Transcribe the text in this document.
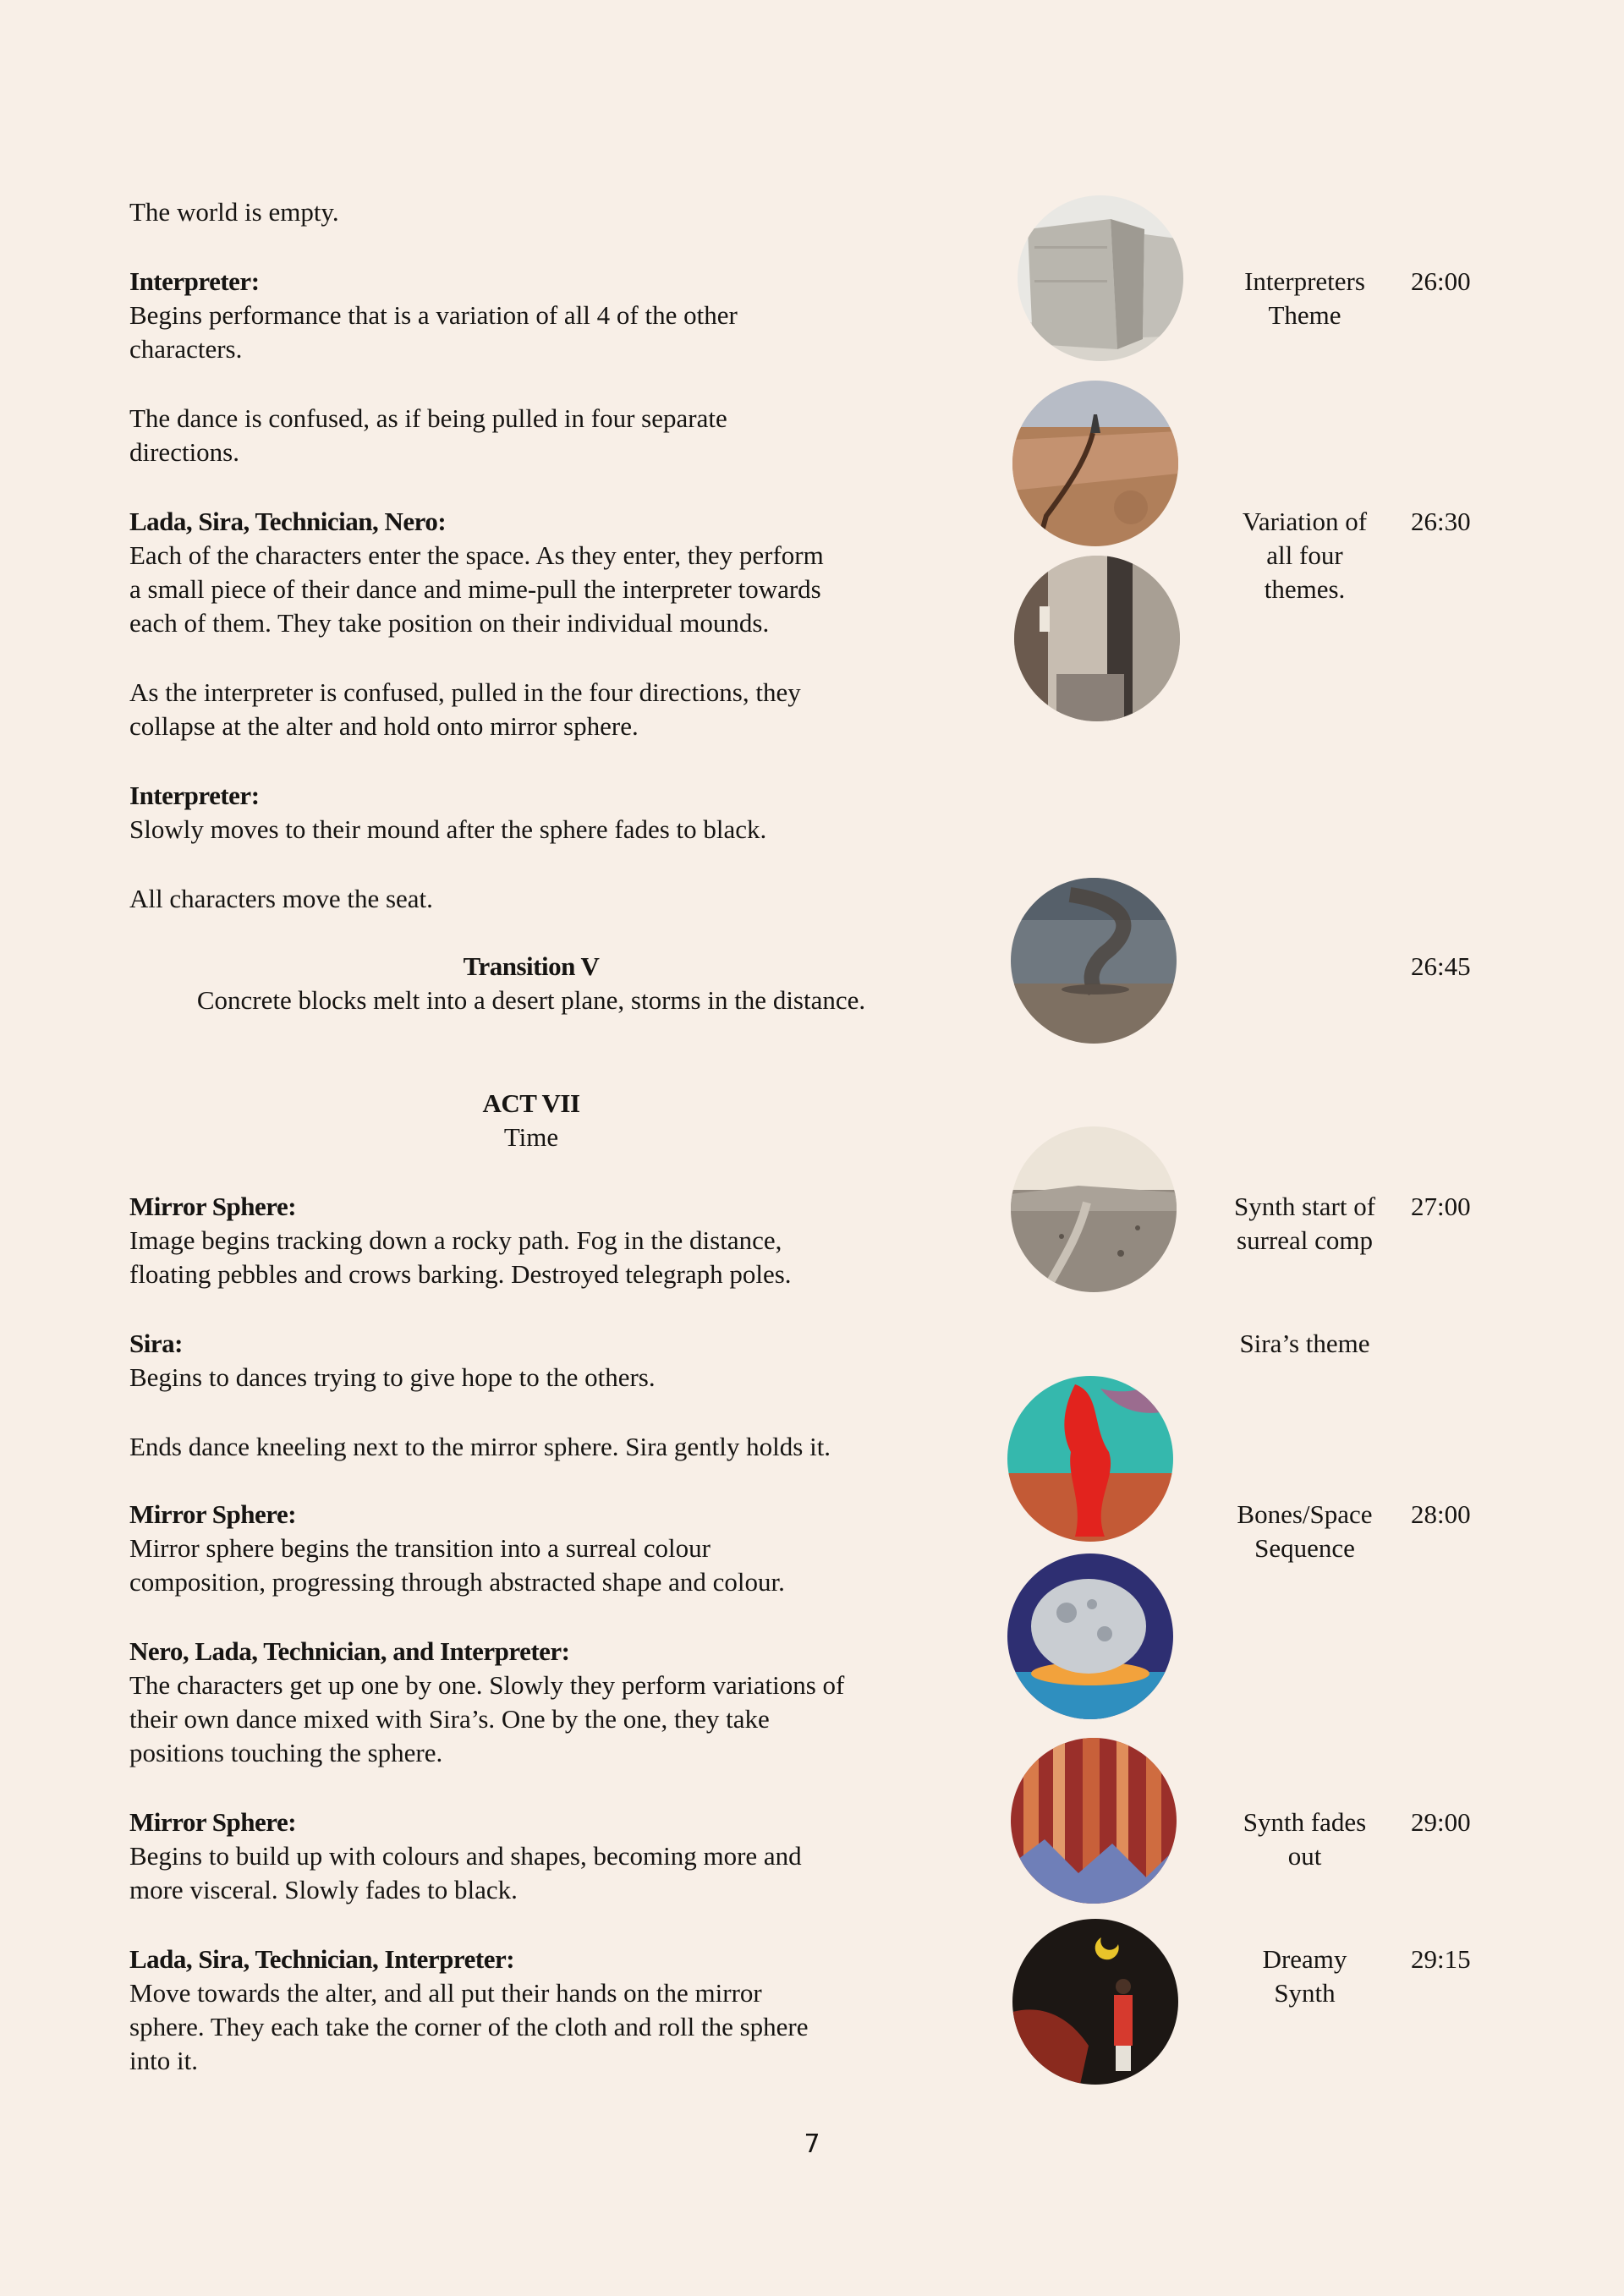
The world is empty.
Interpreter:
Begins performance that is a variation of all 4 of the other
characters.
The dance is confused, as if being pulled in four separate
directions.
Lada, Sira, Technician, Nero:
Each of the characters enter the space. As they enter, they perform
a small piece of their dance and mime-pull the interpreter towards
each of them. They take position on their individual mounds.
As the interpreter is confused, pulled in the four directions, they
collapse at the alter and hold onto mirror sphere.
Interpreter:
Slowly moves to their mound after the sphere fades to black.
All characters move the seat.
Transition V
Concrete blocks melt into a desert plane, storms in the distance.
ACT VII
Time
Mirror Sphere:
Image begins tracking down a rocky path. Fog in the distance,
floating pebbles and crows barking. Destroyed telegraph poles.
Sira:
Begins to dances trying to give hope to the others.
Ends dance kneeling next to the mirror sphere. Sira gently holds it.
Mirror Sphere:
Mirror sphere begins the transition into a surreal colour
composition, progressing through abstracted shape and colour.
Nero, Lada, Technician, and Interpreter:
The characters get up one by one. Slowly they perform variations of
their own dance mixed with Sira’s. One by the one, they take
positions touching the sphere.
Mirror Sphere:
Begins to build up with colours and shapes, becoming more and
more visceral. Slowly fades to black.
Lada, Sira, Technician, Interpreter:
Move towards the alter, and all put their hands on the mirror
sphere. They each take the corner of the cloth and roll the sphere
into it.
Interpreters
Theme
26:00
Variation of
all four
themes.
26:30
26:45
Synth start of
surreal comp
27:00
Sira’s theme
Bones/Space
Sequence
28:00
Synth fades
out
29:00
Dreamy
Synth
29:15
7
